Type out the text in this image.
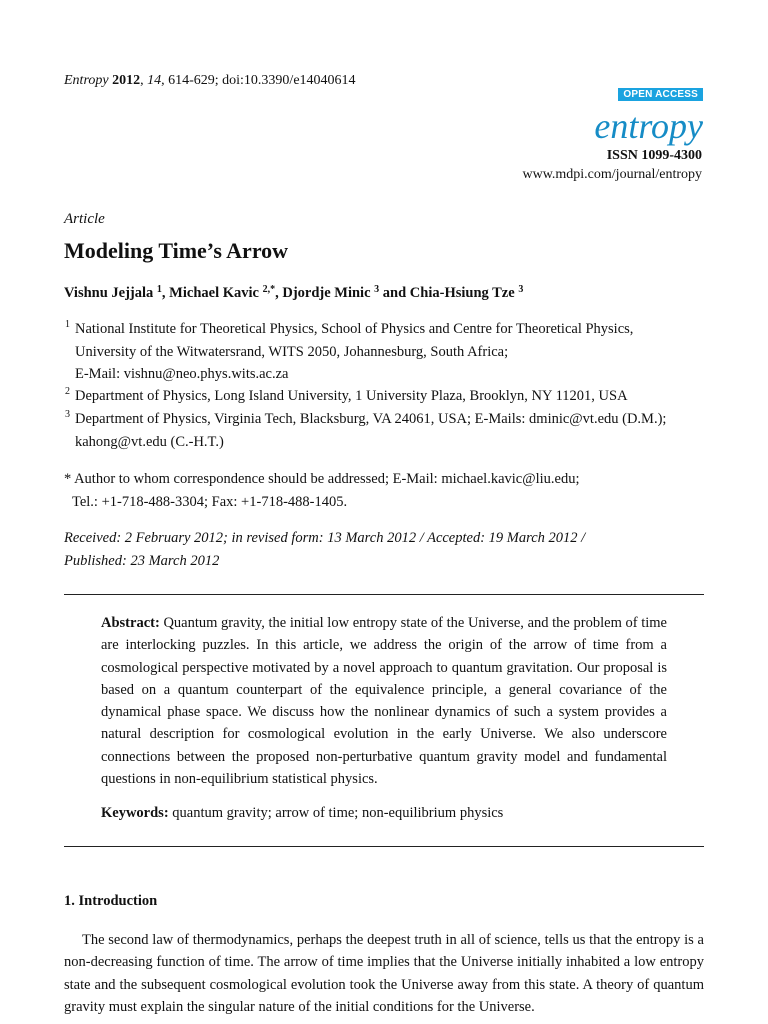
Entropy 2012, 14, 614-629; doi:10.3390/e14040614
OPEN ACCESS
entropy
ISSN 1099-4300
www.mdpi.com/journal/entropy
Article
Modeling Time’s Arrow
Vishnu Jejjala $^1$, Michael Kavic $^{2,*}$, Djordje Minic $^3$ and Chia-Hsiung Tze $^3$
1 National Institute for Theoretical Physics, School of Physics and Centre for Theoretical Physics,
University of the Witwatersrand, WITS 2050, Johannesburg, South Africa;
E-Mail: vishnu@neo.phys.wits.ac.za
2 Department of Physics, Long Island University, 1 University Plaza, Brooklyn, NY 11201, USA
3 Department of Physics, Virginia Tech, Blacksburg, VA 24061, USA; E-Mails: dminic@vt.edu (D.M.);
kahong@vt.edu (C.-H.T.)
* Author to whom correspondence should be addressed; E-Mail: michael.kavic@liu.edu;
Tel.: +1-718-488-3304; Fax: +1-718-488-1405.
Received: 2 February 2012; in revised form: 13 March 2012 / Accepted: 19 March 2012 /
Published: 23 March 2012
Abstract: Quantum gravity, the initial low entropy state of the Universe, and the problem of time are interlocking puzzles. In this article, we address the origin of the arrow of time from a cosmological perspective motivated by a novel approach to quantum gravitation. Our proposal is based on a quantum counterpart of the equivalence principle, a general covariance of the dynamical phase space. We discuss how the nonlinear dynamics of such a system provides a natural description for cosmological evolution in the early Universe. We also underscore connections between the proposed non-perturbative quantum gravity model and fundamental questions in non-equilibrium statistical physics.
Keywords: quantum gravity; arrow of time; non-equilibrium physics
1. Introduction
The second law of thermodynamics, perhaps the deepest truth in all of science, tells us that the entropy is a non-decreasing function of time. The arrow of time implies that the Universe initially inhabited a low entropy state and the subsequent cosmological evolution took the Universe away from this state. A theory of quantum gravity must explain the singular nature of the initial conditions for the Universe.
